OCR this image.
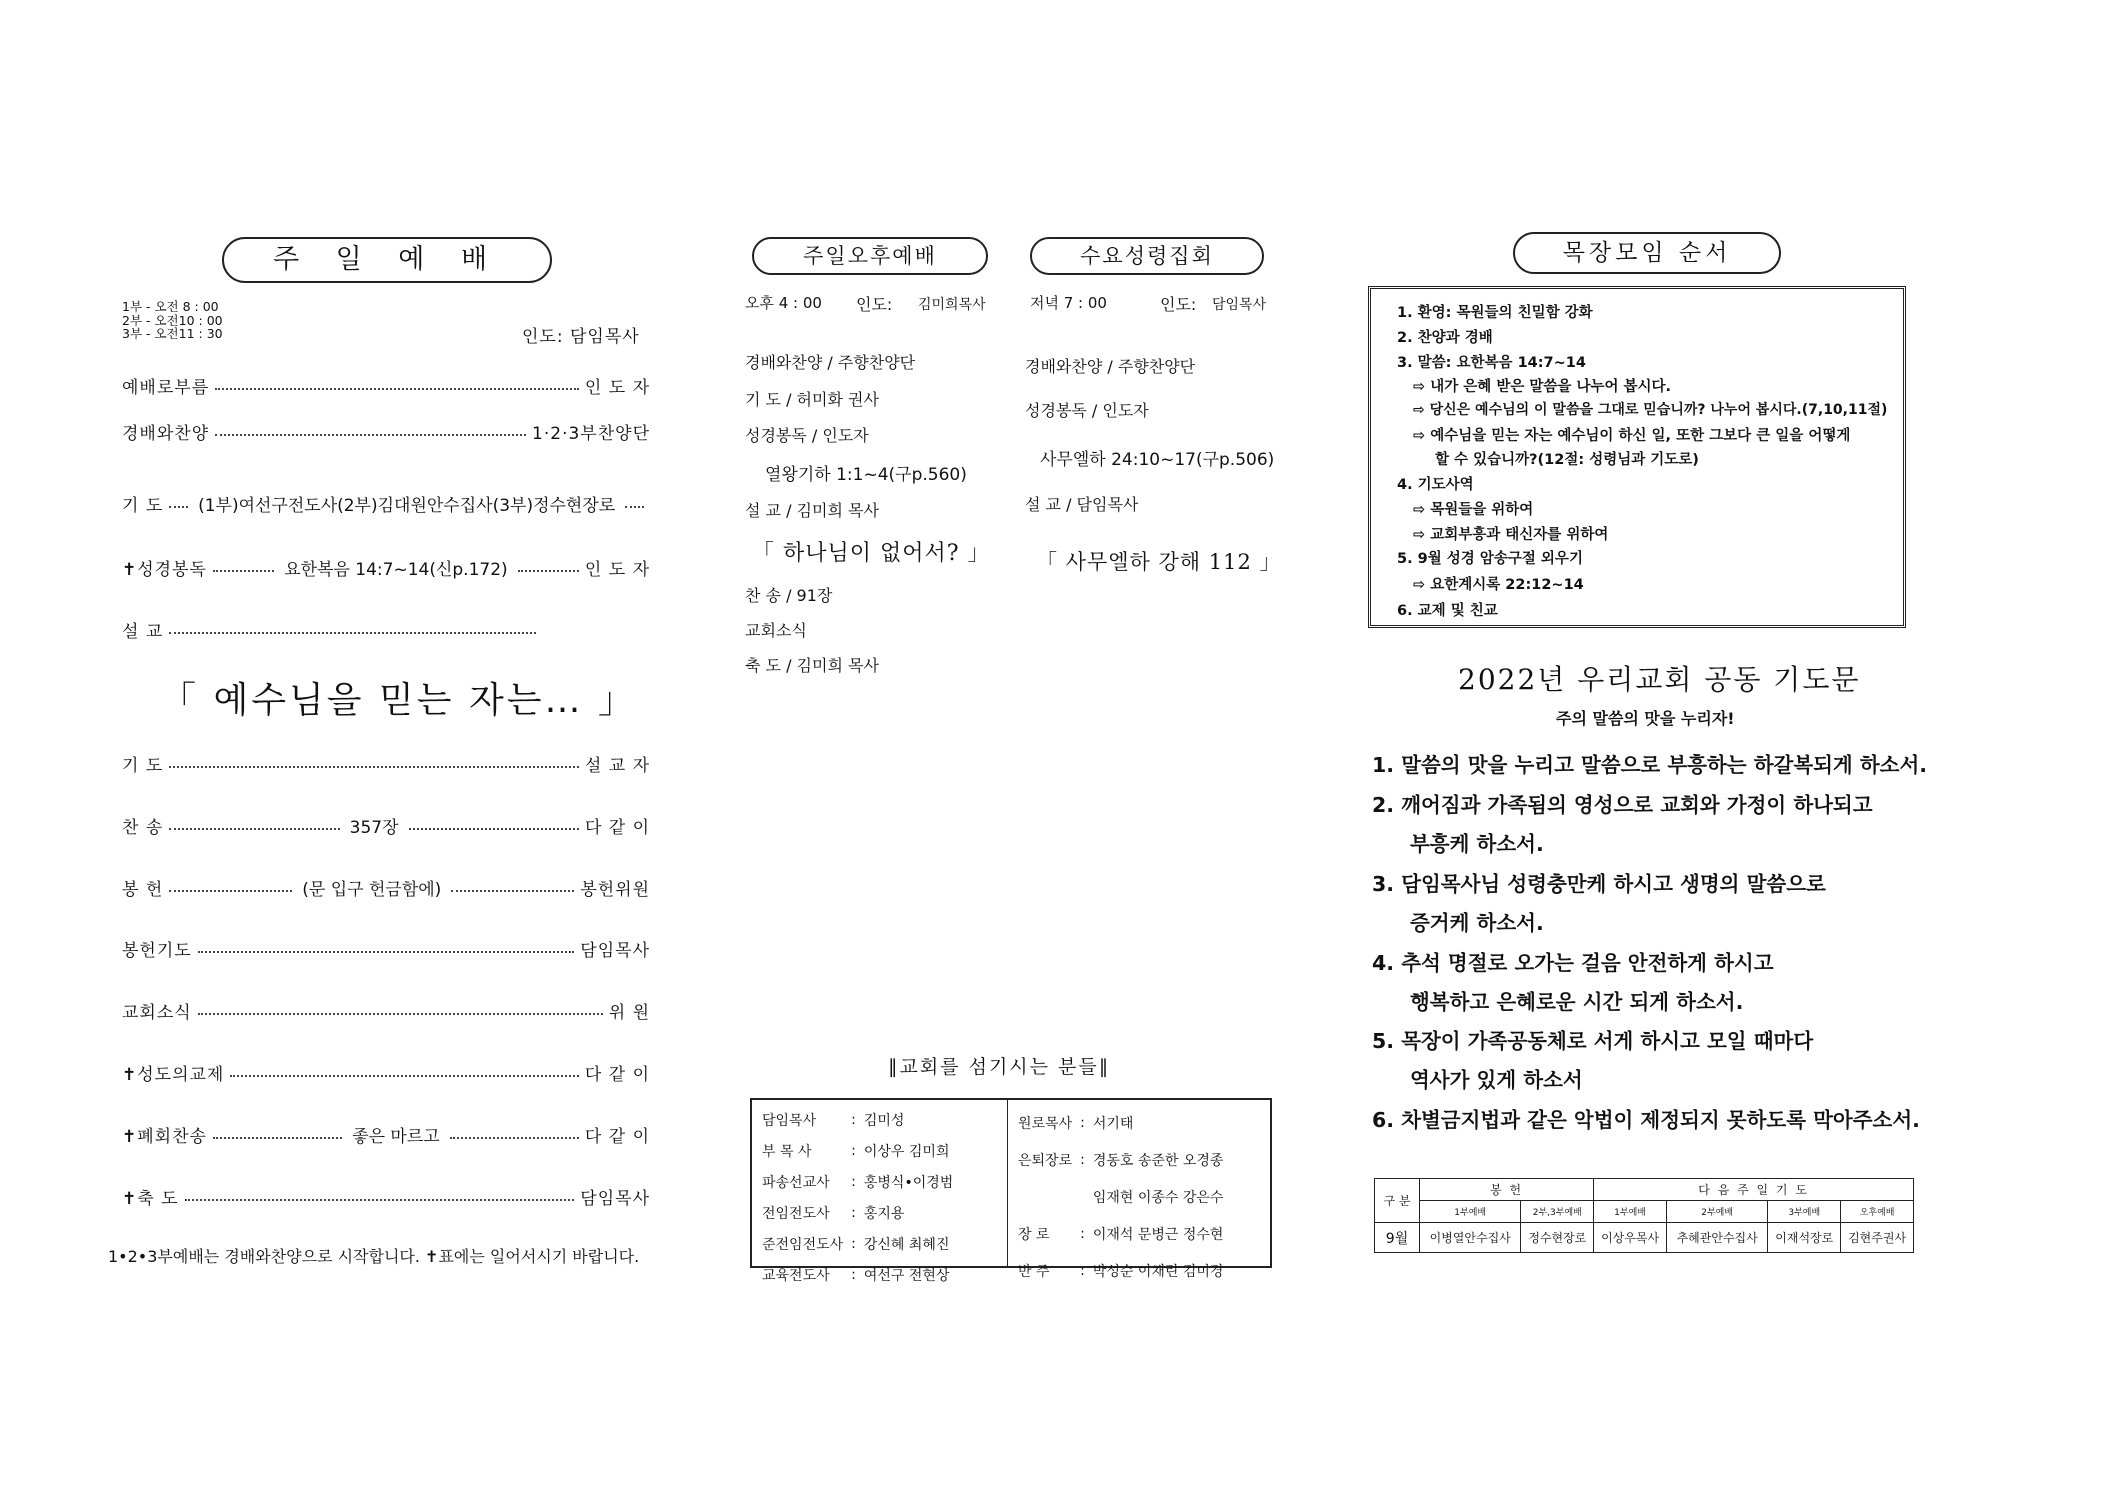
주 일 예 배
1부 - 오전 8 : 00
2부 - 오전10 : 00
3부 - 오전11 : 30	인도: 담임목사
예배로부름	인 도 자
경배와찬양	1·2·3부찬양단
기 도 (1부)여선구전도사(2부)김대원안수집사(3부)정수현장로
✝성경봉독	요한복음 14:7~14(신p.172)	인 도 자
설 교
「 예수님을 믿는 자는… 」
기 도	설 교 자
찬 송	357장	다 같 이
봉 헌	(문 입구 헌금함에)	봉헌위원
봉헌기도	담임목사
교회소식	위 원
✝성도의교제	다 같 이
✝폐회찬송	좋은 마르고	다 같 이
✝축 도	담임목사
1•2•3부예배는 경배와찬양으로 시작합니다. ✝표에는 일어서시기 바랍니다.
주일오후예배	수요성령집회
오후 4 : 00 인도: 김미희목사
경배와찬양 / 주향찬양단
기 도 / 허미화 권사
성경봉독 / 인도자
열왕기하 1:1~4(구p.560)
설 교 / 김미희 목사
「 하나님이 없어서? 」
찬 송 / 91장
교회소식
축 도 / 김미희 목사
저녁 7 : 00	인도: 담임목사
경배와찬양 / 주향찬양단
성경봉독 / 인도자
사무엘하 24:10~17(구p.506)
설 교 / 담임목사
「 사무엘하 강해 112 」
∥교회를 섬기시는 분들∥
담임목사	:	김미성
부 목 사	:	이상우 김미희
파송선교사	:	홍병식•이경범
전임전도사	:	홍지용
준전임전도사	:	강신혜 최혜진
교육전도사	:	여선구 전현상
원로목사	:	서기태
은퇴장로	:	경동호 송준한 오경종
		임재현 이종수 강은수
장 로	:	이재석 문병근 정수현
반 주	:	박성순 이채린 김미경
목장모임 순서
1. 환영: 목원들의 친밀함 강화
2. 찬양과 경배
3. 말씀: 요한복음 14:7~14
⇨ 내가 은혜 받은 말씀을 나누어 봅시다.
⇨ 당신은 예수님의 이 말씀을 그대로 믿습니까? 나누어 봅시다.(7,10,11절)
⇨ 예수님을 믿는 자는 예수님이 하신 일, 또한 그보다 큰 일을 어떻게
할 수 있습니까?(12절: 성령님과 기도로)
4. 기도사역
⇨ 목원들을 위하여
⇨ 교회부흥과 태신자를 위하여
5. 9월 성경 암송구절 외우기
⇨ 요한계시록 22:12~14
6. 교제 및 친교
2022년 우리교회 공동 기도문
주의 말씀의 맛을 누리자!
1. 말씀의 맛을 누리고 말씀으로 부흥하는 하갈복되게 하소서.
2. 깨어짐과 가족됨의 영성으로 교회와 가정이 하나되고
부흥케 하소서.
3. 담임목사님 성령충만케 하시고 생명의 말씀으로
증거케 하소서.
4. 추석 명절로 오가는 걸음 안전하게 하시고
행복하고 은혜로운 시간 되게 하소서.
5. 목장이 가족공동체로 서게 하시고 모일 때마다
역사가 있게 하소서
6. 차별금지법과 같은 악법이 제정되지 못하도록 막아주소서.
구 분	봉 헌		다 음 주 일 기 도			
	1부예배	2부,3부예배	1부예배	2부예배	3부예배	오후예배
9월	이병열안수집사	정수현장로	이상우목사	추혜관안수집사	이재석장로	김현주권사
